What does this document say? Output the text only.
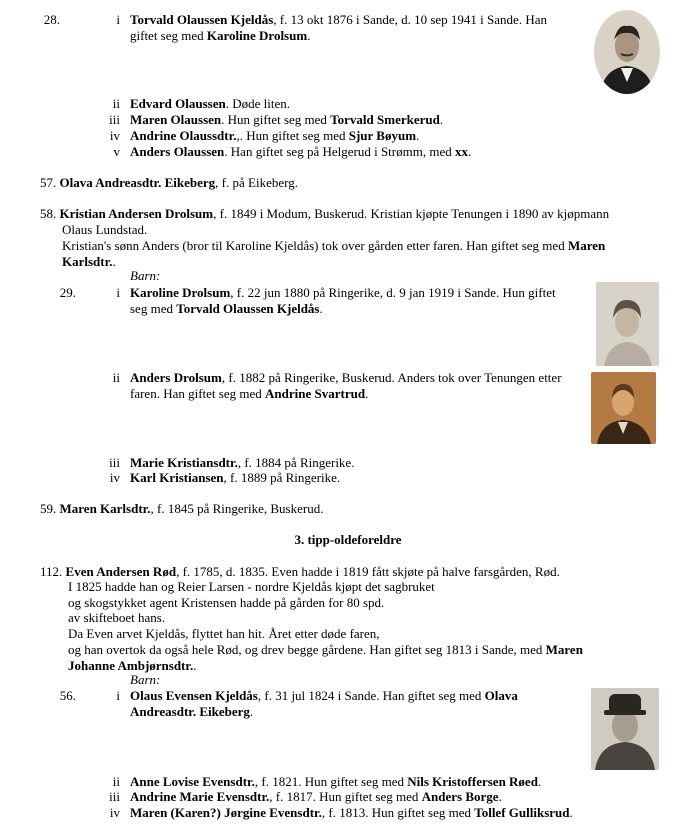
28.	i Torvald Olaussen Kjeldås, f. 13 okt 1876 i Sande, d. 10 sep 1941 i Sande. Han
giftet seg med Karoline Drolsum.
ii Edvard Olaussen. Døde liten.
iii Maren Olaussen. Hun giftet seg med Torvald Smerkerud.
iv Andrine Olaussdtr.,. Hun giftet seg med Sjur Bøyum.
v Anders Olaussen. Han giftet seg på Helgerud i Strømm, med xx.
57. Olava Andreasdtr. Eikeberg, f. på Eikeberg.
58. Kristian Andersen Drolsum, f. 1849 i Modum, Buskerud. Kristian kjøpte Tenungen i 1890 av kjøpmann
Olaus Lundstad.
Kristian's sønn Anders (bror til Karoline Kjeldås) tok over gården etter faren. Han giftet seg med Maren
Karlsdtr..
Barn:
29.	i Karoline Drolsum, f. 22 jun 1880 på Ringerike, d. 9 jan 1919 i Sande. Hun giftet
seg med Torvald Olaussen Kjeldås.
ii Anders Drolsum, f. 1882 på Ringerike, Buskerud. Anders tok over Tenungen etter
faren. Han giftet seg med Andrine Svartrud.
iii Marie Kristiansdtr., f. 1884 på Ringerike.
iv Karl Kristiansen, f. 1889 på Ringerike.
59. Maren Karlsdtr., f. 1845 på Ringerike, Buskerud.
3. tipp-oldeforeldre
112. Even Andersen Rød, f. 1785, d. 1835. Even hadde i 1819 fått skjøte på halve farsgården, Rød.
I 1825 hadde han og Reier Larsen - nordre Kjeldås kjøpt det sagbruket
og skogstykket agent Kristensen hadde på gården for 80 spd.
av skifteboet hans.
Da Even arvet Kjeldås, flyttet han hit. Året etter døde faren,
og han overtok da også hele Rød, og drev begge gårdene. Han giftet seg 1813 i Sande, med Maren
Johanne Ambjørnsdtr..
Barn:
56.	i Olaus Evensen Kjeldås, f. 31 jul 1824 i Sande. Han giftet seg med Olava
Andreasdtr. Eikeberg.
ii Anne Lovise Evensdtr., f. 1821. Hun giftet seg med Nils Kristoffersen Røed.
iii Andrine Marie Evensdtr., f. 1817. Hun giftet seg med Anders Borge.
iv Maren (Karen?) Jørgine Evensdtr., f. 1813. Hun giftet seg med Tollef Gulliksrud.
